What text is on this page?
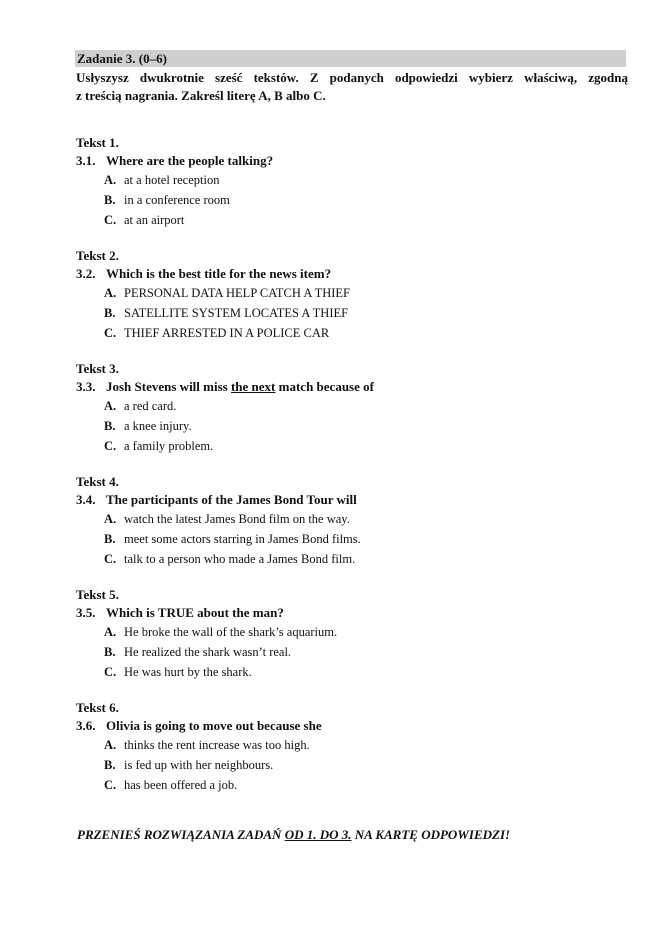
Zadanie 3. (0–6)
Usłyszysz dwukrotnie sześć tekstów. Z podanych odpowiedzi wybierz właściwą, zgodną
z treścią nagrania. Zakreśl literę A, B albo C.
Tekst 1.
3.1. Where are the people talking?
A. at a hotel reception
B. in a conference room
C. at an airport
Tekst 2.
3.2. Which is the best title for the news item?
A. PERSONAL DATA HELP CATCH A THIEF
B. SATELLITE SYSTEM LOCATES A THIEF
C. THIEF ARRESTED IN A POLICE CAR
Tekst 3.
3.3. Josh Stevens will miss the next match because of
A. a red card.
B. a knee injury.
C. a family problem.
Tekst 4.
3.4. The participants of the James Bond Tour will
A. watch the latest James Bond film on the way.
B. meet some actors starring in James Bond films.
C. talk to a person who made a James Bond film.
Tekst 5.
3.5. Which is TRUE about the man?
A. He broke the wall of the shark’s aquarium.
B. He realized the shark wasn’t real.
C. He was hurt by the shark.
Tekst 6.
3.6. Olivia is going to move out because she
A. thinks the rent increase was too high.
B. is fed up with her neighbours.
C. has been offered a job.
PRZENIEŚ ROZWIĄZANIA ZADAŃ OD 1. DO 3. NA KARTĘ ODPOWIEDZI!
